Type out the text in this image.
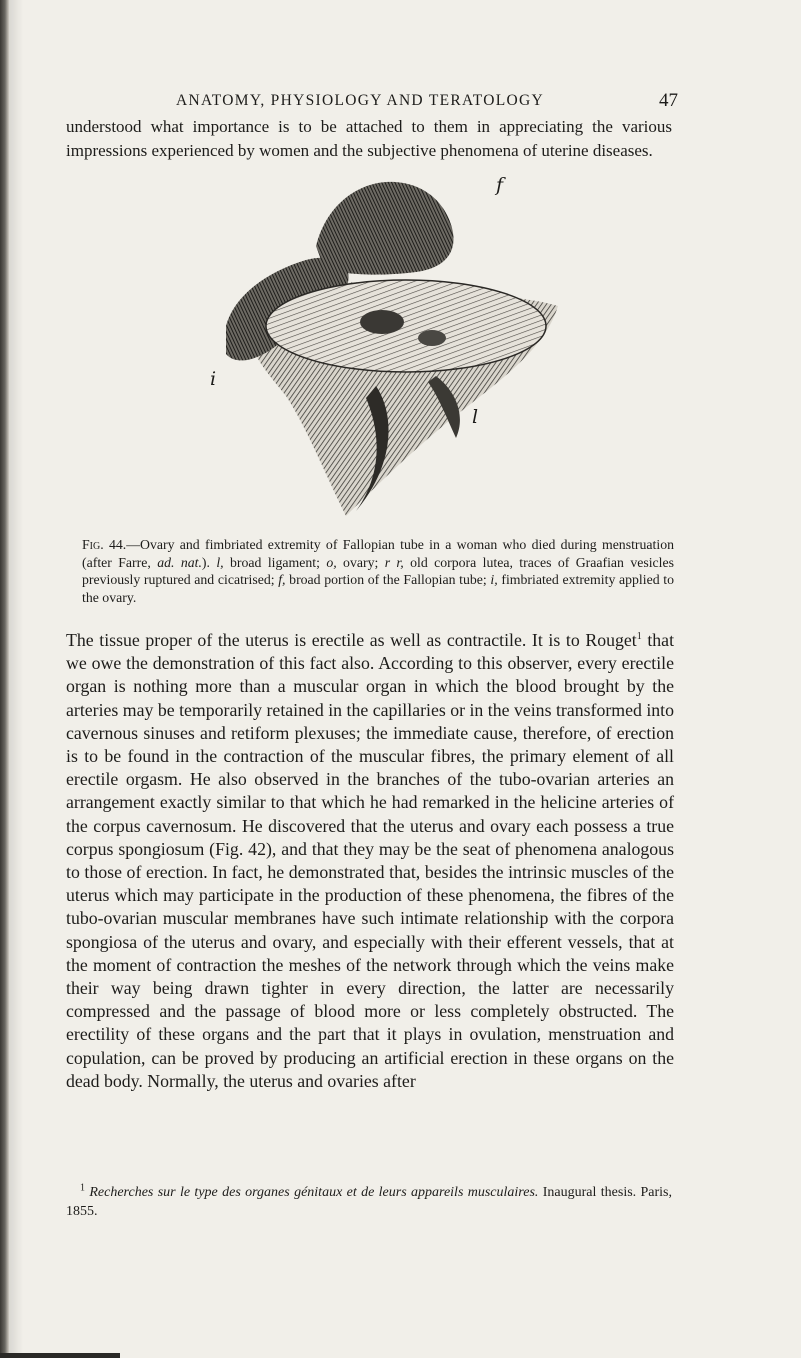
ANATOMY, PHYSIOLOGY AND TERATOLOGY	47

understood what importance is to be attached to them in appreciating the various impressions experienced by women and the subjective phenomena of uterine diseases.

f
i
l

Fig. 44.—Ovary and fimbriated extremity of Fallopian tube in a woman who died during menstruation (after Farre, ad. nat.). l, broad ligament; o, ovary; r r, old corpora lutea, traces of Graafian vesicles previously ruptured and cicatrised; f, broad portion of the Fallopian tube; i, fimbriated extremity applied to the ovary.

The tissue proper of the uterus is erectile as well as contractile. It is to Rouget$^1$ that we owe the demonstration of this fact also. According to this observer, every erectile organ is nothing more than a muscular organ in which the blood brought by the arteries may be temporarily retained in the capillaries or in the veins transformed into cavernous sinuses and retiform plexuses; the immediate cause, therefore, of erection is to be found in the contraction of the muscular fibres, the primary element of all erectile orgasm. He also observed in the branches of the tubo-ovarian arteries an arrangement exactly similar to that which he had remarked in the helicine arteries of the corpus cavernosum. He discovered that the uterus and ovary each possess a true corpus spongiosum (Fig. 42), and that they may be the seat of phenomena analogous to those of erection. In fact, he demonstrated that, besides the intrinsic muscles of the uterus which may participate in the production of these phenomena, the fibres of the tubo-ovarian muscular membranes have such intimate relationship with the corpora spongiosa of the uterus and ovary, and especially with their efferent vessels, that at the moment of contraction the meshes of the network through which the veins make their way being drawn tighter in every direction, the latter are necessarily compressed and the passage of blood more or less completely obstructed. The erectility of these organs and the part that it plays in ovulation, menstruation and copulation, can be proved by producing an artificial erection in these organs on the dead body. Normally, the uterus and ovaries after

$^1$ Recherches sur le type des organes génitaux et de leurs appareils musculaires. Inaugural thesis. Paris, 1855.
